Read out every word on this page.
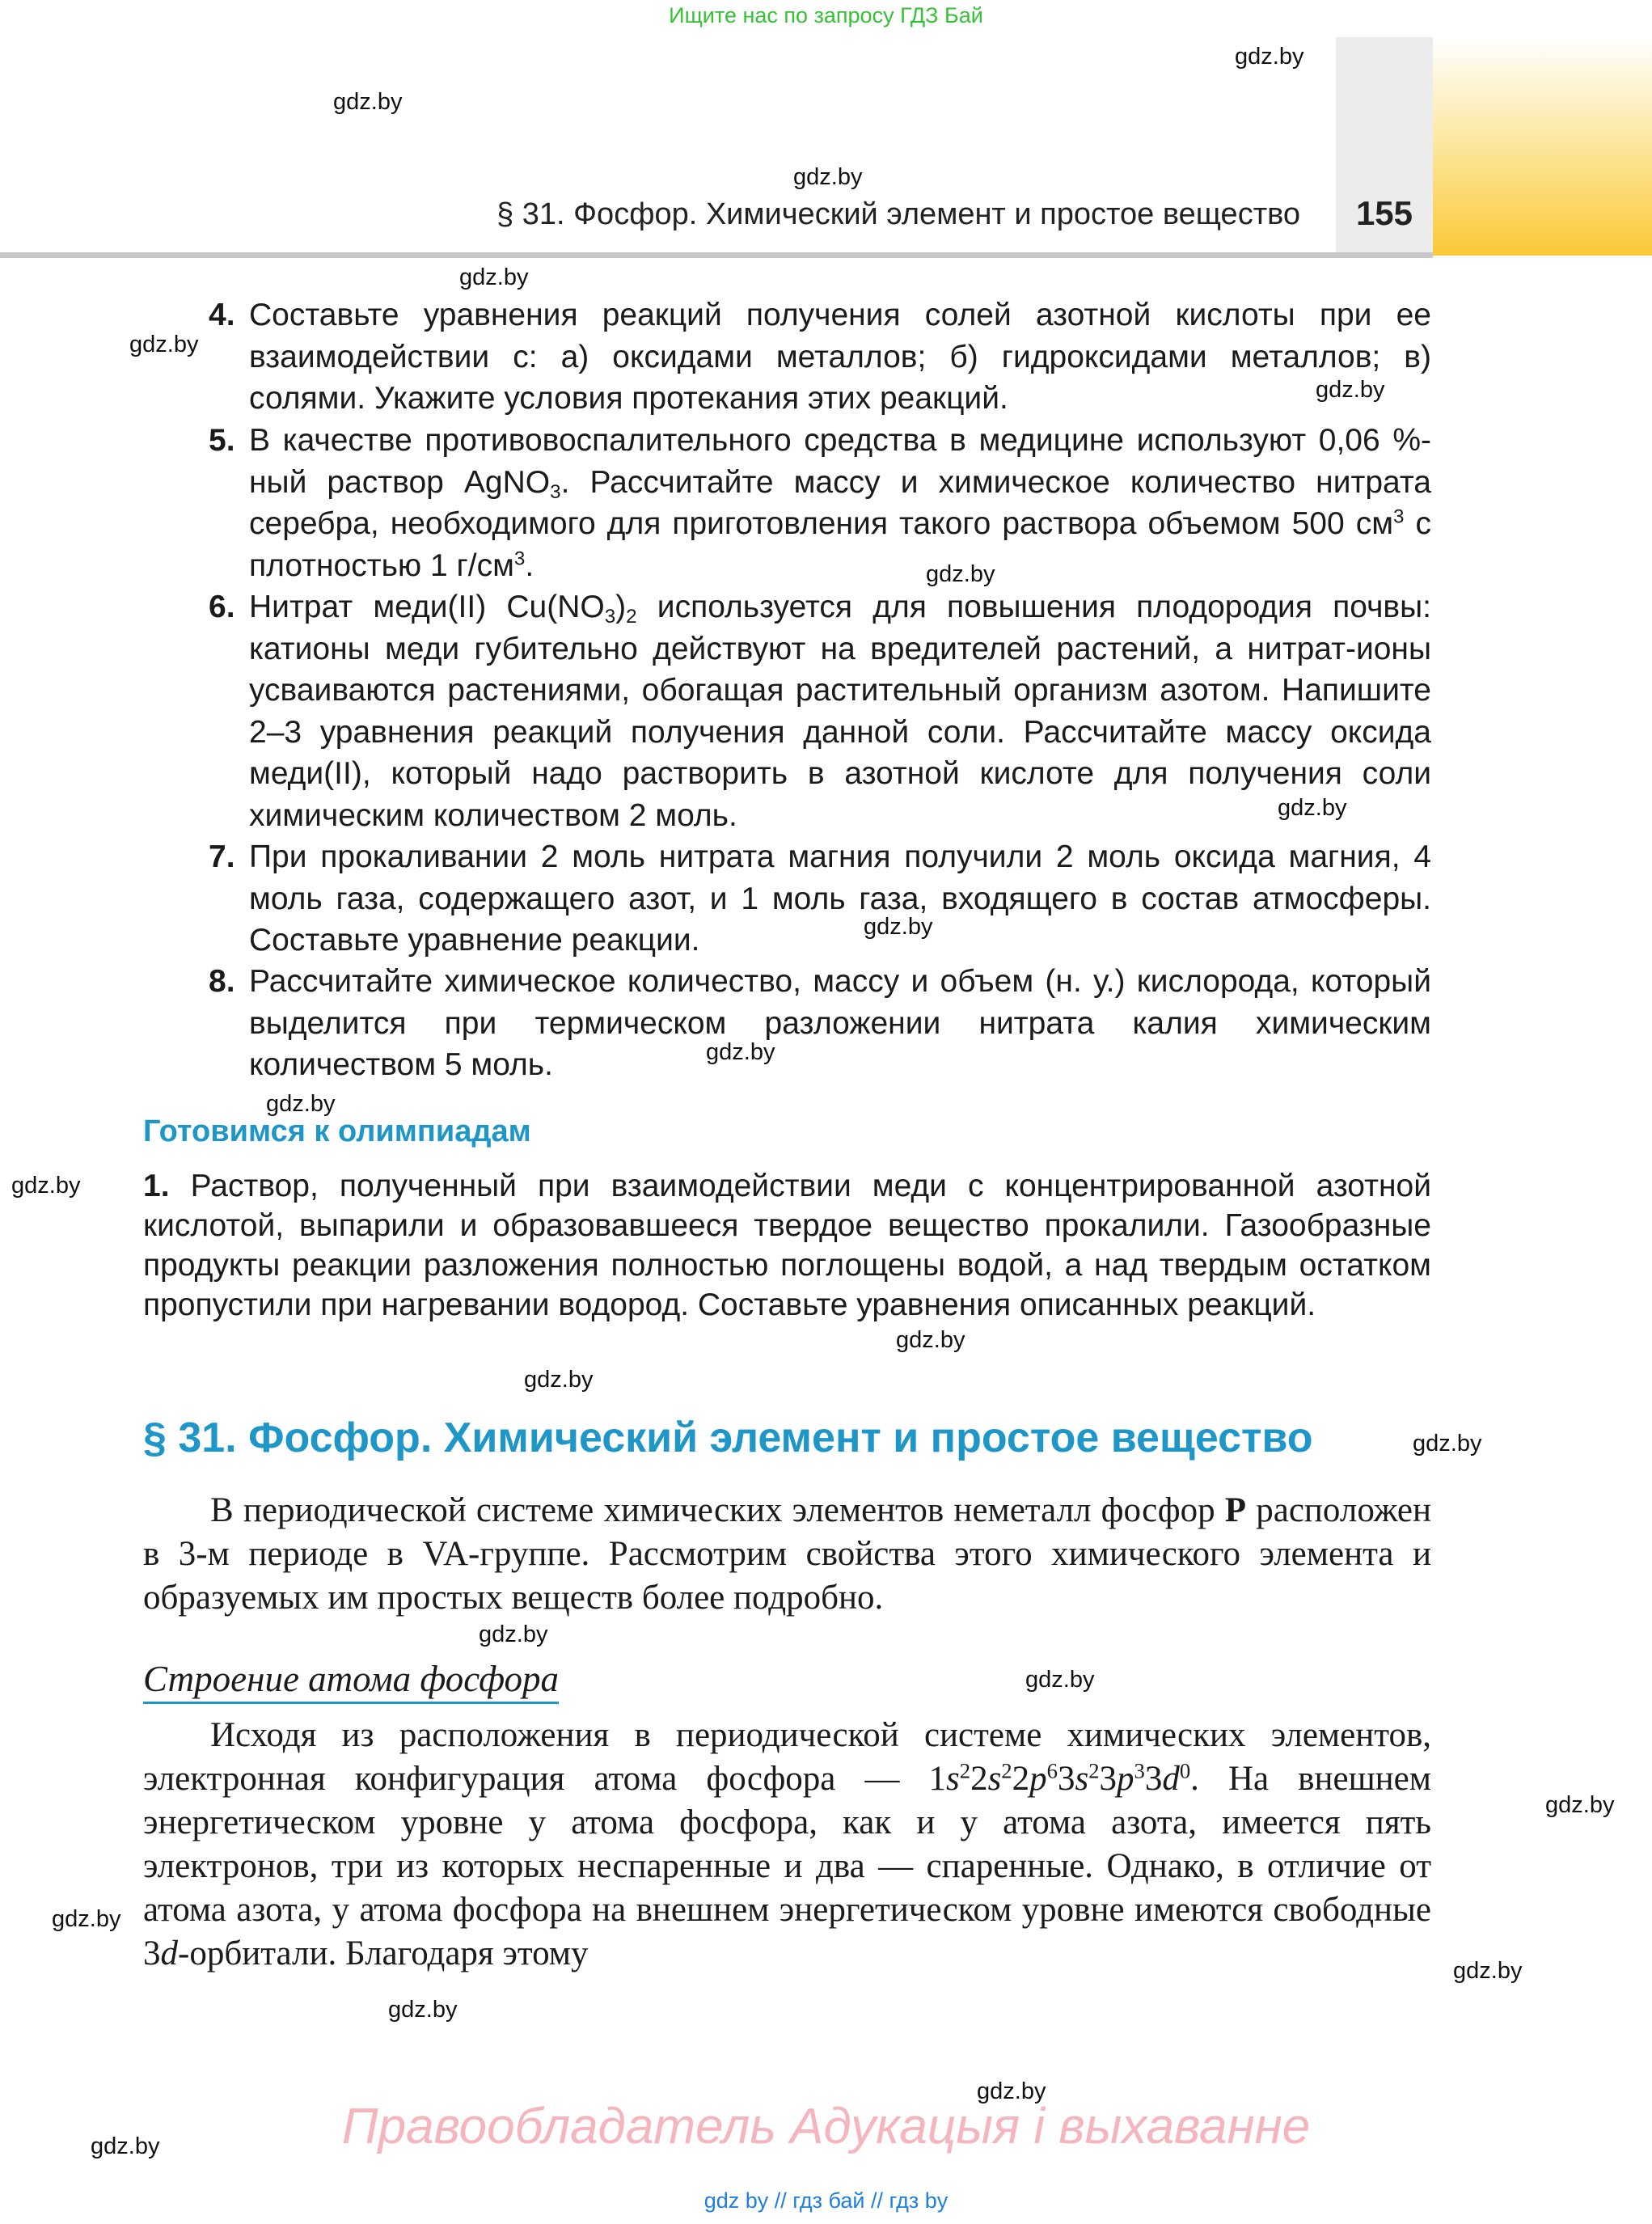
Ищите нас по запросу ГДЗ Бай
§ 31. Фосфор. Химический элемент и простое вещество	155
gdz.by
gdz.by
gdz.by
gdz.by
gdz.by
gdz.by
gdz.by
gdz.by
gdz.by
gdz.by
gdz.by
gdz.by
gdz.by
gdz.by
gdz.by
gdz.by
gdz.by
gdz.by
gdz.by
gdz.by
gdz.by
gdz.by
gdz.by
4. Составьте уравнения реакций получения солей азотной кислоты при ее взаимодействии с: а) оксидами металлов; б) гидроксидами металлов; в) солями. Укажите условия протекания этих реакций.
5. В качестве противовоспалительного средства в медицине используют 0,06 %-ный раствор AgNO$_3$. Рассчитайте массу и химическое количество нитрата серебра, необходимого для приготовления такого раствора объемом 500 $см^3$ с плотностью 1 $г/см^3$.
6. Нитрат меди(II) $Cu(NO_3)_2$ используется для повышения плодородия почвы: катионы меди губительно действуют на вредителей растений, а нитрат-ионы усваиваются растениями, обогащая растительный организм азотом. Напишите 2–3 уравнения реакций получения данной соли. Рассчитайте массу оксида меди(II), который надо растворить в азотной кислоте для получения соли химическим количеством 2 моль.
7. При прокаливании 2 моль нитрата магния получили 2 моль оксида магния, 4 моль газа, содержащего азот, и 1 моль газа, входящего в состав атмосферы. Составьте уравнение реакции.
8. Рассчитайте химическое количество, массу и объем (н. у.) кислорода, который выделится при термическом разложении нитрата калия химическим количеством 5 моль.
Готовимся к олимпиадам
1. Раствор, полученный при взаимодействии меди с концентрированной азотной кислотой, выпарили и образовавшееся твердое вещество прокалили. Газообразные продукты реакции разложения полностью поглощены водой, а над твердым остатком пропустили при нагревании водород. Составьте уравнения описанных реакций.
§ 31. Фосфор. Химический элемент и простое вещество
В периодической системе химических элементов неметалл фосфор P расположен в 3-м периоде в VA-группе. Рассмотрим свойства этого химического элемента и образуемых им простых веществ более подробно.
Строение атома фосфора
Исходя из расположения в периодической системе химических элементов, электронная конфигурация атома фосфора — $1s^22s^22p^63s^23p^33d^0$. На внешнем энергетическом уровне у атома фосфора, как и у атома азота, имеется пять электронов, три из которых неспаренные и два — спаренные. Однако, в отличие от атома азота, у атома фосфора на внешнем энергетическом уровне имеются свободные 3d-орбитали. Благодаря этому
Правообладатель Адукацыя і выхаванне
gdz by // гдз бай // гдз by
